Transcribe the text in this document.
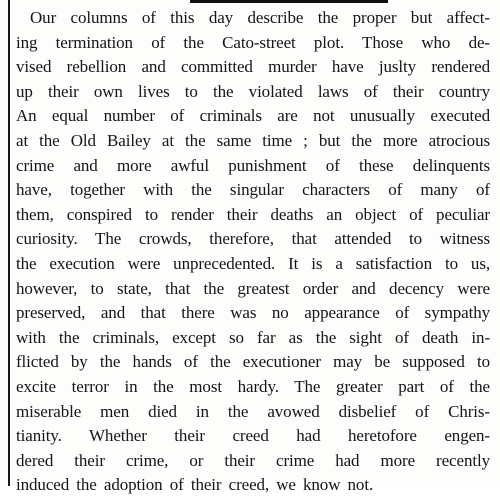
Our columns of this day describe the proper but affect-
ing termination of the Cato-street plot. Those who de-
vised rebellion and committed murder have juslty rendered
up their own lives to the violated laws of their country
An equal number of criminals are not unusually executed
at the Old Bailey at the same time ; but the more atrocious
crime and more awful punishment of these delinquents
have, together with the singular characters of many of
them, conspired to render their deaths an object of peculiar
curiosity. The crowds, therefore, that attended to witness
the execution were unprecedented. It is a satisfaction to us,
however, to state, that the greatest order and decency were
preserved, and that there was no appearance of sympathy
with the criminals, except so far as the sight of death in-
flicted by the hands of the executioner may be supposed to
excite terror in the most hardy. The greater part of the
miserable men died in the avowed disbelief of Chris-
tianity. Whether their creed had heretofore engen-
dered their crime, or their crime had more recently
induced the adoption of their creed, we know not.
